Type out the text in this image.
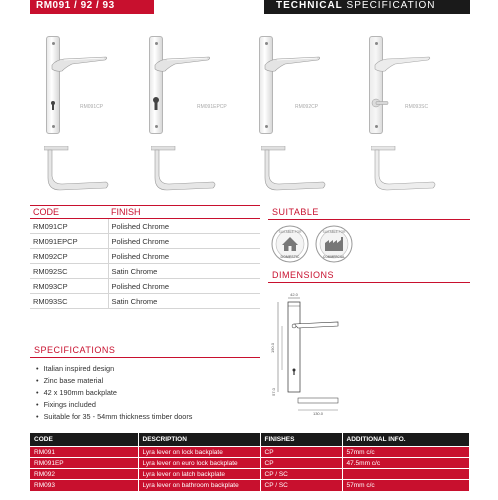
RM091 / 92 / 93	TECHNICAL SPECIFICATION
RM091CP	RM091EPCP	RM092CP	RM093SC
CODE	FINISH
RM091CP	Polished Chrome
RM091EPCP	Polished Chrome
RM092CP	Polished Chrome
RM092SC	Satin Chrome
RM093CP	Polished Chrome
RM093SC	Satin Chrome
SUITABLE
SUITABLE FOR
DOMESTIC
SUITABLE FOR
COMMERCIAL
DIMENSIONS
42.0
190.0
57.0
130.0
SPECIFICATIONS
• Italian inspired design
• Zinc base material
• 42 x 190mm backplate
• Fixings included
• Suitable for 35 - 54mm thickness timber doors
CODE	DESCRIPTION	FINISHES	ADDITIONAL INFO.
RM091	Lyra lever on lock backplate	CP	57mm c/c
RM091EP	Lyra lever on euro lock backplate	CP	47.5mm c/c
RM092	Lyra lever on latch backplate	CP / SC	
RM093	Lyra lever on bathroom backplate	CP / SC	57mm c/c
